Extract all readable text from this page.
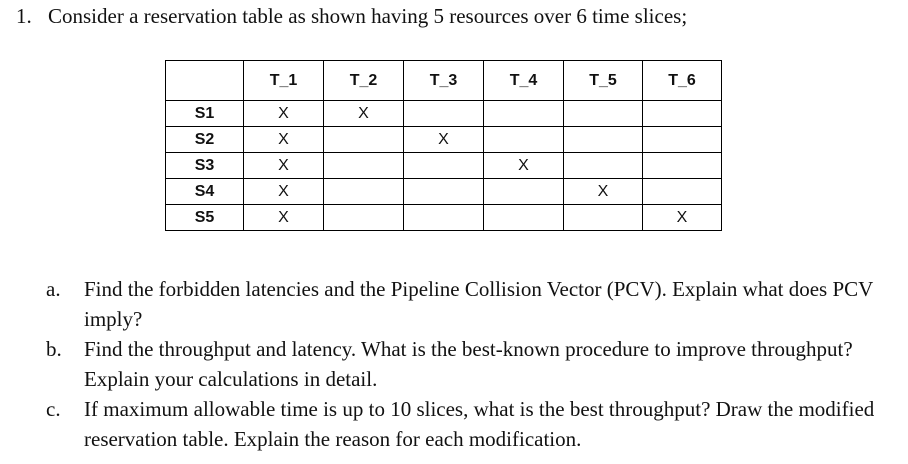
1. Consider a reservation table as shown having 5 resources over 6 time slices;
	T_1	T_2	T_3	T_4	T_5	T_6
S1	X	X				
S2	X		X			
S3	X			X		
S4	X				X	
S5	X					X
a. Find the forbidden latencies and the Pipeline Collision Vector (PCV). Explain what does PCV imply?
b. Find the throughput and latency. What is the best-known procedure to improve throughput? Explain your calculations in detail.
c. If maximum allowable time is up to 10 slices, what is the best throughput? Draw the modified reservation table. Explain the reason for each modification.
